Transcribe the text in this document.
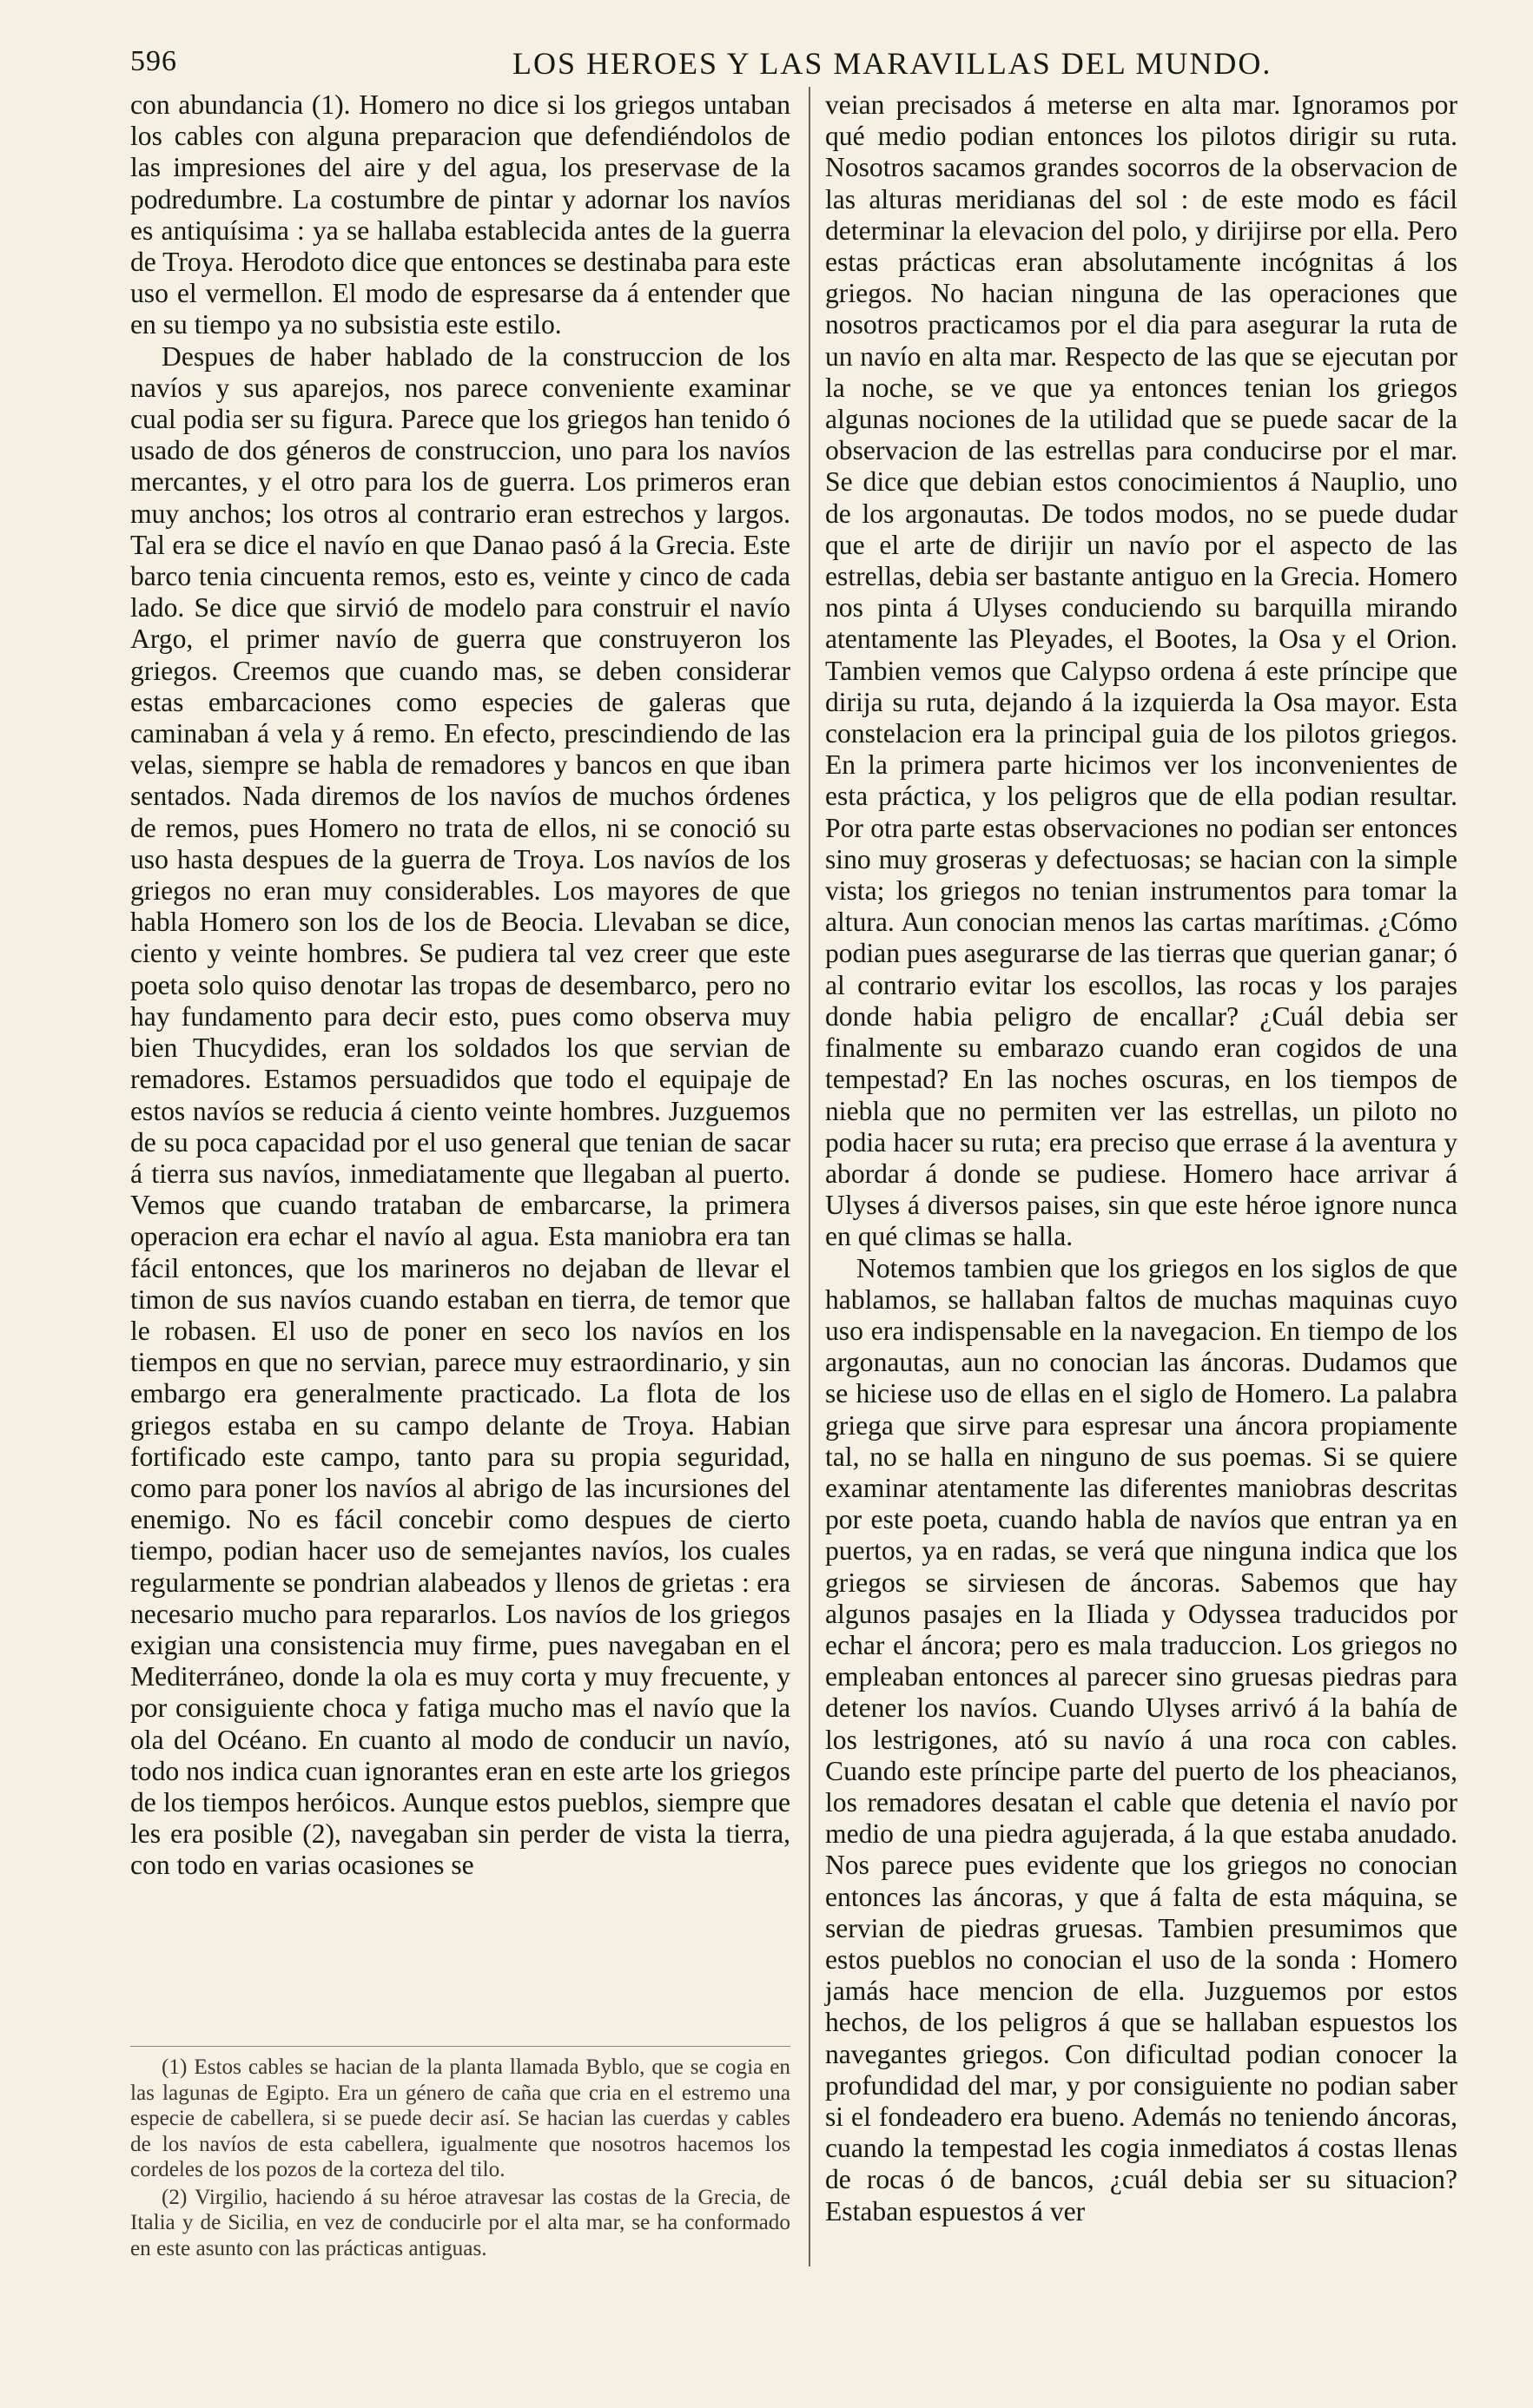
596	LOS HEROES Y LAS MARAVILLAS DEL MUNDO.

con abundancia (1). Homero no dice si los griegos untaban los cables con alguna preparacion que defendiéndolos de las impresiones del aire y del agua, los preservase de la podredumbre. La costumbre de pintar y adornar los navíos es antiquísima : ya se hallaba establecida antes de la guerra de Troya. Herodoto dice que entonces se destinaba para este uso el vermellon. El modo de espresarse da á entender que en su tiempo ya no subsistia este estilo.

Despues de haber hablado de la construccion de los navíos y sus aparejos, nos parece conveniente examinar cual podia ser su figura. Parece que los griegos han tenido ó usado de dos géneros de construccion, uno para los navíos mercantes, y el otro para los de guerra. Los primeros eran muy anchos; los otros al contrario eran estrechos y largos. Tal era se dice el navío en que Danao pasó á la Grecia. Este barco tenia cincuenta remos, esto es, veinte y cinco de cada lado. Se dice que sirvió de modelo para construir el navío Argo, el primer navío de guerra que construyeron los griegos. Creemos que cuando mas, se deben considerar estas embarcaciones como especies de galeras que caminaban á vela y á remo. En efecto, prescindiendo de las velas, siempre se habla de remadores y bancos en que iban sentados. Nada diremos de los navíos de muchos órdenes de remos, pues Homero no trata de ellos, ni se conoció su uso hasta despues de la guerra de Troya. Los navíos de los griegos no eran muy considerables. Los mayores de que habla Homero son los de los de Beocia. Llevaban se dice, ciento y veinte hombres. Se pudiera tal vez creer que este poeta solo quiso denotar las tropas de desembarco, pero no hay fundamento para decir esto, pues como observa muy bien Thucydides, eran los soldados los que servian de remadores. Estamos persuadidos que todo el equipaje de estos navíos se reducia á ciento veinte hombres. Juzguemos de su poca capacidad por el uso general que tenian de sacar á tierra sus navíos, inmediatamente que llegaban al puerto. Vemos que cuando trataban de embarcarse, la primera operacion era echar el navío al agua. Esta maniobra era tan fácil entonces, que los marineros no dejaban de llevar el timon de sus navíos cuando estaban en tierra, de temor que le robasen. El uso de poner en seco los navíos en los tiempos en que no servian, parece muy estraordinario, y sin embargo era generalmente practicado. La flota de los griegos estaba en su campo delante de Troya. Habian fortificado este campo, tanto para su propia seguridad, como para poner los navíos al abrigo de las incursiones del enemigo. No es fácil concebir como despues de cierto tiempo, podian hacer uso de semejantes navíos, los cuales regularmente se pondrian alabeados y llenos de grietas : era necesario mucho para repararlos. Los navíos de los griegos exigian una consistencia muy firme, pues navegaban en el Mediterráneo, donde la ola es muy corta y muy frecuente, y por consiguiente choca y fatiga mucho mas el navío que la ola del Océano. En cuanto al modo de conducir un navío, todo nos indica cuan ignorantes eran en este arte los griegos de los tiempos heróicos. Aunque estos pueblos, siempre que les era posible (2), navegaban sin perder de vista la tierra, con todo en varias ocasiones se

(1) Estos cables se hacian de la planta llamada Byblo, que se cogia en las lagunas de Egipto. Era un género de caña que cria en el estremo una especie de cabellera, si se puede decir así. Se hacian las cuerdas y cables de los navíos de esta cabellera, igualmente que nosotros hacemos los cordeles de los pozos de la corteza del tilo.

(2) Virgilio, haciendo á su héroe atravesar las costas de la Grecia, de Italia y de Sicilia, en vez de conducirle por el alta mar, se ha conformado en este asunto con las prácticas antiguas.

veian precisados á meterse en alta mar. Ignoramos por qué medio podian entonces los pilotos dirigir su ruta. Nosotros sacamos grandes socorros de la observacion de las alturas meridianas del sol : de este modo es fácil determinar la elevacion del polo, y dirijirse por ella. Pero estas prácticas eran absolutamente incógnitas á los griegos. No hacian ninguna de las operaciones que nosotros practicamos por el dia para asegurar la ruta de un navío en alta mar. Respecto de las que se ejecutan por la noche, se ve que ya entonces tenian los griegos algunas nociones de la utilidad que se puede sacar de la observacion de las estrellas para conducirse por el mar. Se dice que debian estos conocimientos á Nauplio, uno de los argonautas. De todos modos, no se puede dudar que el arte de dirijir un navío por el aspecto de las estrellas, debia ser bastante antiguo en la Grecia. Homero nos pinta á Ulyses conduciendo su barquilla mirando atentamente las Pleyades, el Bootes, la Osa y el Orion. Tambien vemos que Calypso ordena á este príncipe que dirija su ruta, dejando á la izquierda la Osa mayor. Esta constelacion era la principal guia de los pilotos griegos. En la primera parte hicimos ver los inconvenientes de esta práctica, y los peligros que de ella podian resultar. Por otra parte estas observaciones no podian ser entonces sino muy groseras y defectuosas; se hacian con la simple vista; los griegos no tenian instrumentos para tomar la altura. Aun conocian menos las cartas marítimas. ¿Cómo podian pues asegurarse de las tierras que querian ganar; ó al contrario evitar los escollos, las rocas y los parajes donde habia peligro de encallar? ¿Cuál debia ser finalmente su embarazo cuando eran cogidos de una tempestad? En las noches oscuras, en los tiempos de niebla que no permiten ver las estrellas, un piloto no podia hacer su ruta; era preciso que errase á la aventura y abordar á donde se pudiese. Homero hace arrivar á Ulyses á diversos paises, sin que este héroe ignore nunca en qué climas se halla.

Notemos tambien que los griegos en los siglos de que hablamos, se hallaban faltos de muchas maquinas cuyo uso era indispensable en la navegacion. En tiempo de los argonautas, aun no conocian las áncoras. Dudamos que se hiciese uso de ellas en el siglo de Homero. La palabra griega que sirve para espresar una áncora propiamente tal, no se halla en ninguno de sus poemas. Si se quiere examinar atentamente las diferentes maniobras descritas por este poeta, cuando habla de navíos que entran ya en puertos, ya en radas, se verá que ninguna indica que los griegos se sirviesen de áncoras. Sabemos que hay algunos pasajes en la Iliada y Odyssea traducidos por echar el áncora; pero es mala traduccion. Los griegos no empleaban entonces al parecer sino gruesas piedras para detener los navíos. Cuando Ulyses arrivó á la bahía de los lestrigones, ató su navío á una roca con cables. Cuando este príncipe parte del puerto de los pheacianos, los remadores desatan el cable que detenia el navío por medio de una piedra agujerada, á la que estaba anudado. Nos parece pues evidente que los griegos no conocian entonces las áncoras, y que á falta de esta máquina, se servian de piedras gruesas. Tambien presumimos que estos pueblos no conocian el uso de la sonda : Homero jamás hace mencion de ella. Juzguemos por estos hechos, de los peligros á que se hallaban espuestos los navegantes griegos. Con dificultad podian conocer la profundidad del mar, y por consiguiente no podian saber si el fondeadero era bueno. Además no teniendo áncoras, cuando la tempestad les cogia inmediatos á costas llenas de rocas ó de bancos, ¿cuál debia ser su situacion? Estaban espuestos á ver
